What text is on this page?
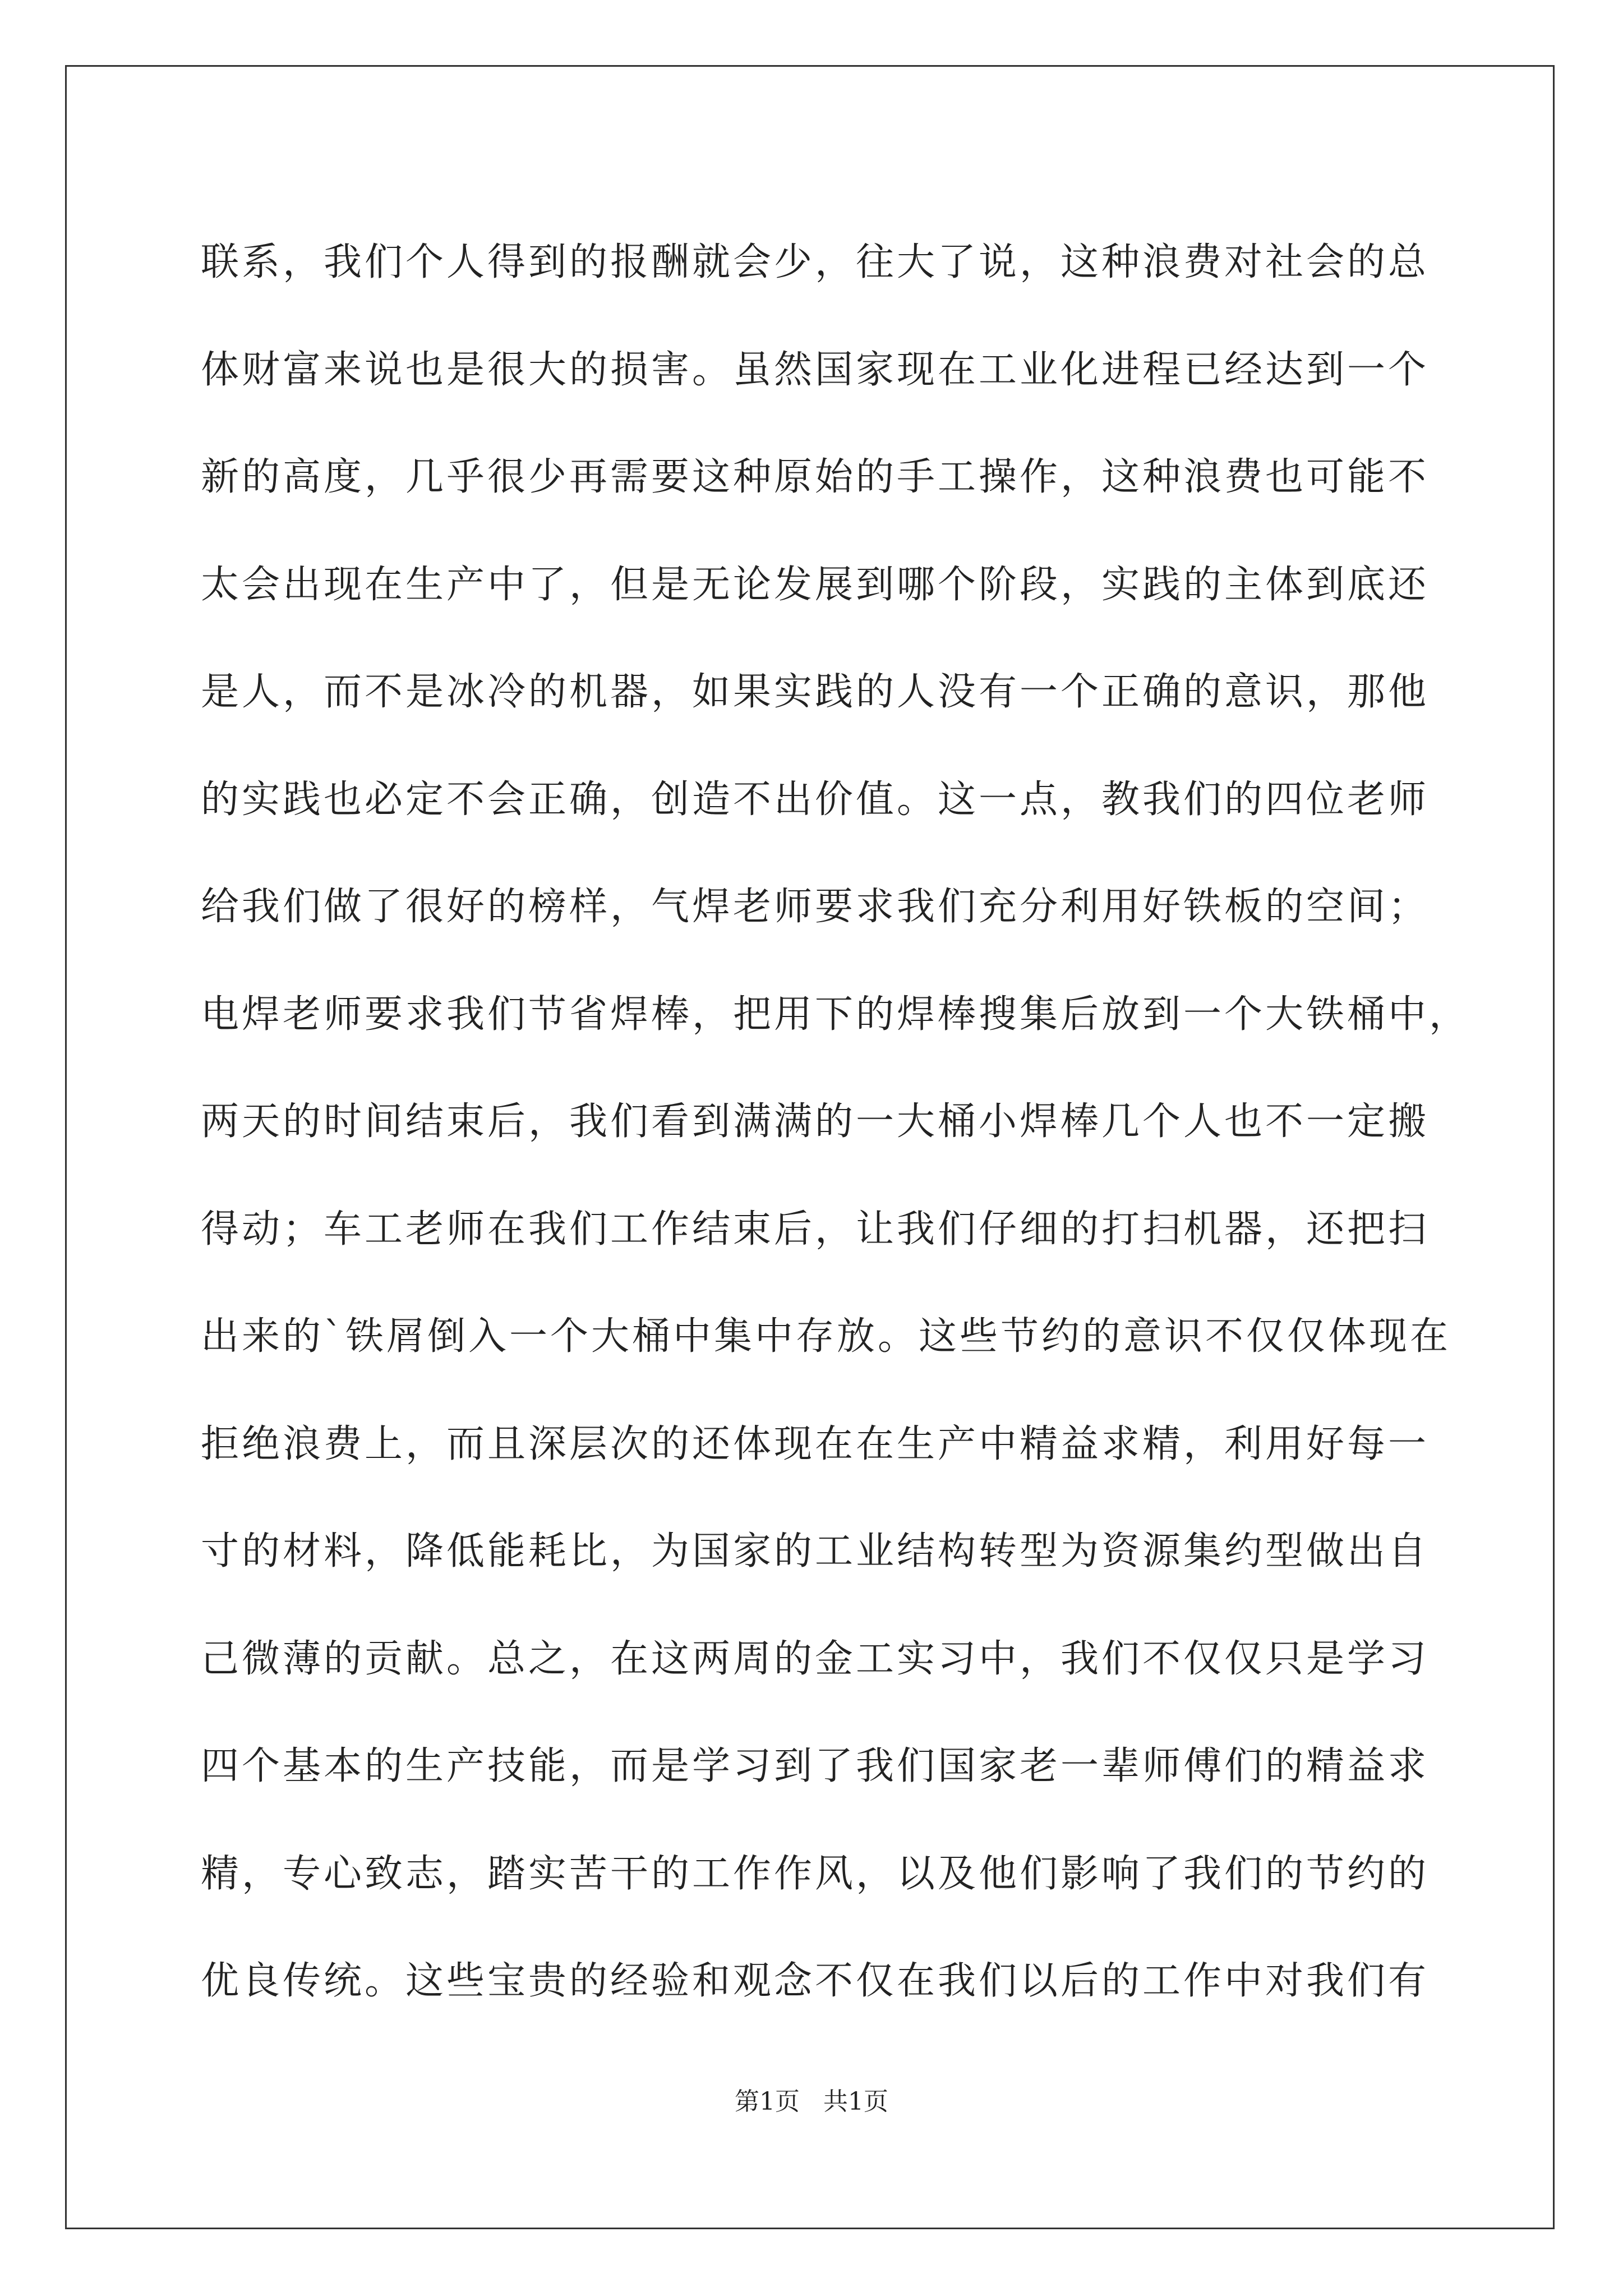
联系，我们个人得到的报酬就会少，往大了说，这种浪费对社会的总
体财富来说也是很大的损害。虽然国家现在工业化进程已经达到一个
新的高度，几乎很少再需要这种原始的手工操作，这种浪费也可能不
太会出现在生产中了，但是无论发展到哪个阶段，实践的主体到底还
是人，而不是冰冷的机器，如果实践的人没有一个正确的意识，那他
的实践也必定不会正确，创造不出价值。这一点，教我们的四位老师
给我们做了很好的榜样，气焊老师要求我们充分利用好铁板的空间；
电焊老师要求我们节省焊棒，把用下的焊棒搜集后放到一个大铁桶中，
两天的时间结束后，我们看到满满的一大桶小焊棒几个人也不一定搬
得动；车工老师在我们工作结束后，让我们仔细的打扫机器，还把扫
出来的`铁屑倒入一个大桶中集中存放。这些节约的意识不仅仅体现在
拒绝浪费上，而且深层次的还体现在在生产中精益求精，利用好每一
寸的材料，降低能耗比，为国家的工业结构转型为资源集约型做出自
己微薄的贡献。总之，在这两周的金工实习中，我们不仅仅只是学习
四个基本的生产技能，而是学习到了我们国家老一辈师傅们的精益求
精，专心致志，踏实苦干的工作作风，以及他们影响了我们的节约的
优良传统。这些宝贵的经验和观念不仅在我们以后的工作中对我们有
第1页   共1页
